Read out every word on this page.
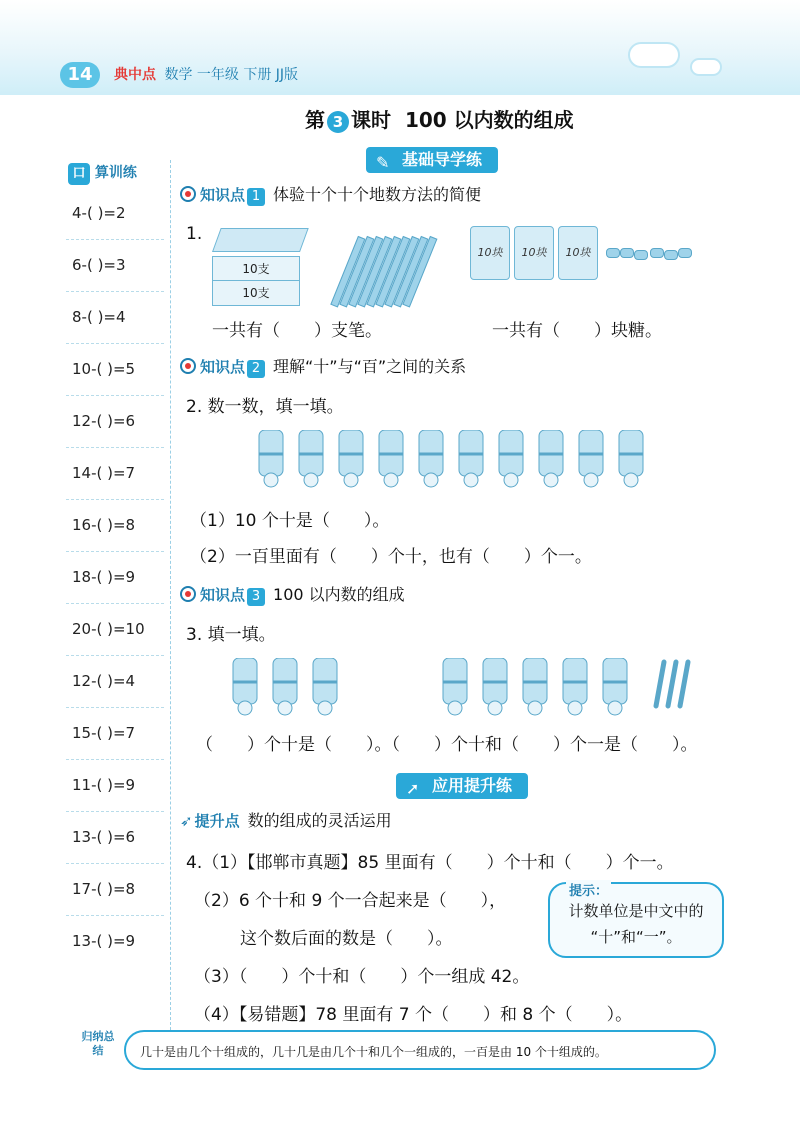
14	典中点 数学 一年级 下册 JJ版
第 3 课时 100 以内数的组成
口 算训练
4-( )=2
6-( )=3
8-( )=4
10-( )=5
12-( )=6
14-( )=7
16-( )=8
18-( )=9
20-( )=10
12-( )=4
15-( )=7
11-( )=9
13-( )=6
17-( )=8
13-( )=9
✎ 基础导学练
知识点 1 体验十个十个地数方法的简便
1.
10支
10支
10块	10块	10块
一共有（　　）支笔。	一共有（　　）块糖。
知识点 2 理解“十”与“百”之间的关系
2. 数一数，填一填。
（1）10 个十是（　　）。
（2）一百里面有（　　）个十，也有（　　）个一。
知识点 3 100 以内数的组成
3. 填一填。
（　　）个十是（　　）。（　　）个十和（　　）个一是（　　）。
➚ 应用提升练
➶ 提升点 数的组成的灵活运用
4.（1）【邯郸市真题】85 里面有（　　）个十和（　　）个一。
（2）6 个十和 9 个一合起来是（　　），
这个数后面的数是（　　）。
（3）（　　）个十和（　　）个一组成 42。
（4）【易错题】78 里面有 7 个（　　）和 8 个（　　）。
提示：
计数单位是中文中的
“十”和“一”。
归纳总结	几十是由几个十组成的，几十几是由几个十和几个一组成的，一百是由 10 个十组成的。
